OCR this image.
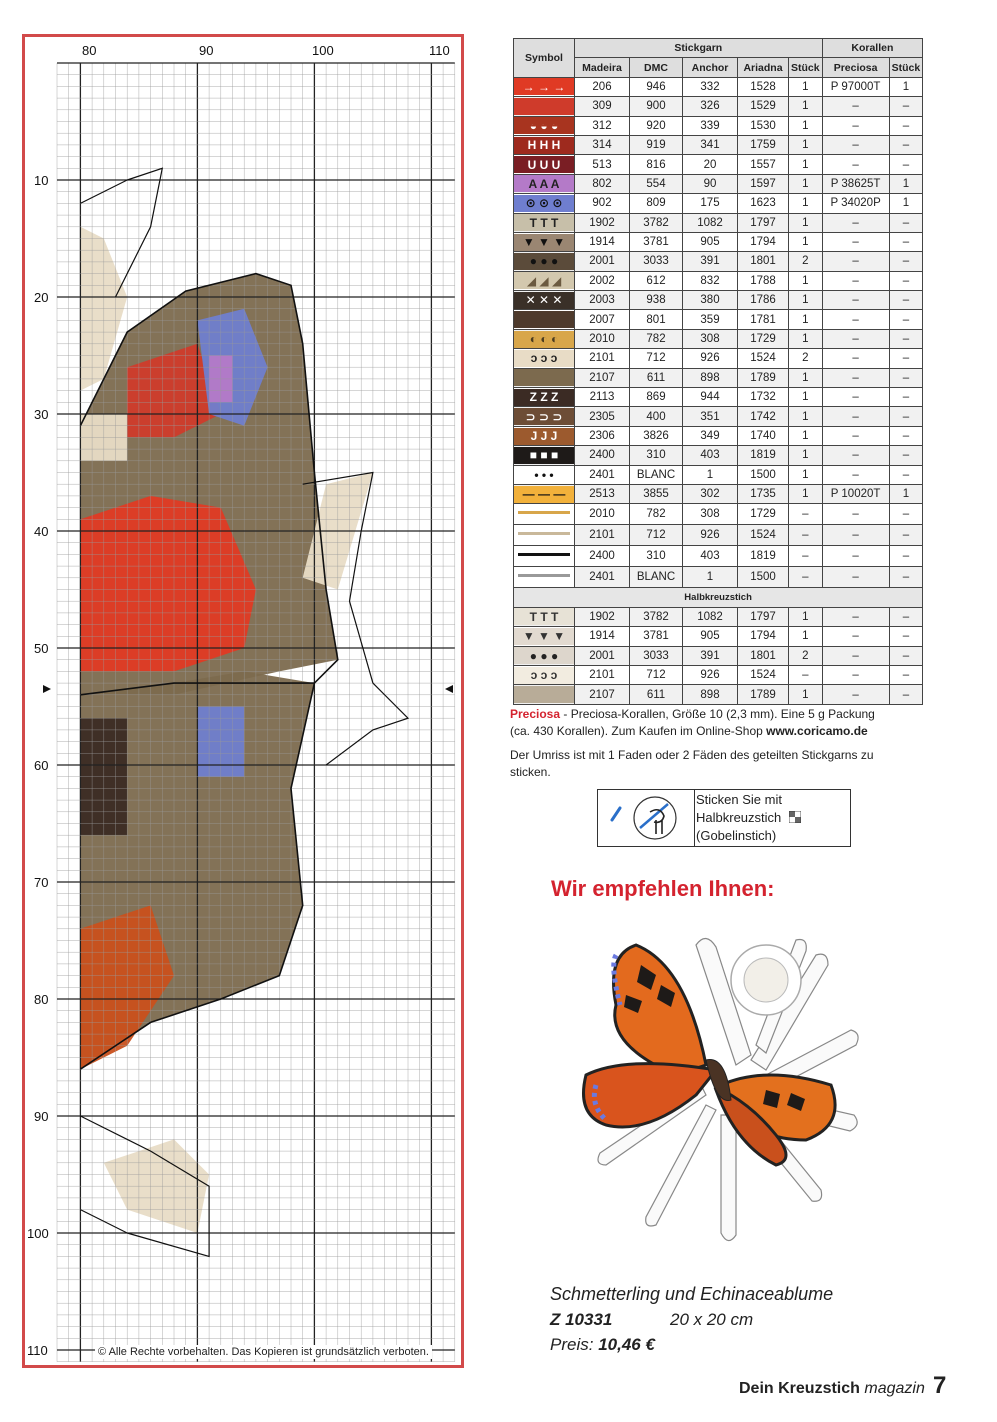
80	90	100	110
10
20
30
40
50
60
70
80
90
100
110	© Alle Rechte vorbehalten. Das Kopieren ist grundsätzlich verboten.
Symbol	Stickgarn					Korallen	
	Madeira	DMC	Anchor	Ariadna	Stück	Preciosa	Stück

→ → →	206	946	332	1528	1	P 97000T	1

	309	900	326	1529	1	–	–

◒ ◒ ◒	312	920	339	1530	1	–	–

H H H	314	919	341	1759	1	–	–

U U U	513	816	20	1557	1	–	–

A A A	802	554	90	1597	1	P 38625T	1

⊙ ⊙ ⊙	902	809	175	1623	1	P 34020P	1

T T T	1902	3782	1082	1797	1	–	–

▼ ▼ ▼	1914	3781	905	1794	1	–	–

● ● ●	2001	3033	391	1801	2	–	–

◢ ◢ ◢	2002	612	832	1788	1	–	–

✕ ✕ ✕	2003	938	380	1786	1	–	–

	2007	801	359	1781	1	–	–

◐ ◐ ◐	2010	782	308	1729	1	–	–

ↄ ↄ ↄ	2101	712	926	1524	2	–	–

	2107	611	898	1789	1	–	–

Z Z Z	2113	869	944	1732	1	–	–

⊃ ⊃ ⊃	2305	400	351	1742	1	–	–

J J J	2306	3826	349	1740	1	–	–

■ ■ ■	2400	310	403	1819	1	–	–

• • •	2401	BLANC	1	1500	1	–	–

— — —	2513	3855	302	1735	1	P 10020T	1
	2010	782	308	1729	–	–	–
	2101	712	926	1524	–	–	–
	2400	310	403	1819	–	–	–
	2401	BLANC	1	1500	–	–	–
Halbkreuzstich							

T T T	1902	3782	1082	1797	1	–	–

▼ ▼ ▼	1914	3781	905	1794	1	–	–

● ● ●	2001	3033	391	1801	2	–	–

ↄ ↄ ↄ	2101	712	926	1524	–	–	–

	2107	611	898	1789	1	–	–
Preciosa - Preciosa-Korallen, Größe 10 (2,3 mm). Eine 5 g Packung (ca. 430 Korallen). Zum Kaufen im Online-Shop www.coricamo.de
Der Umriss ist mit 1 Faden oder 2 Fäden des geteilten Stickgarns zu sticken.
Sticken Sie mit
Halbkreuzstich
(Gobelinstich)
Wir empfehlen Ihnen:
Schmetterling und Echinaceablume
Z 10331	20 x 20 cm
Preis: 10,46 €
Dein Kreuzstich magazin 7
